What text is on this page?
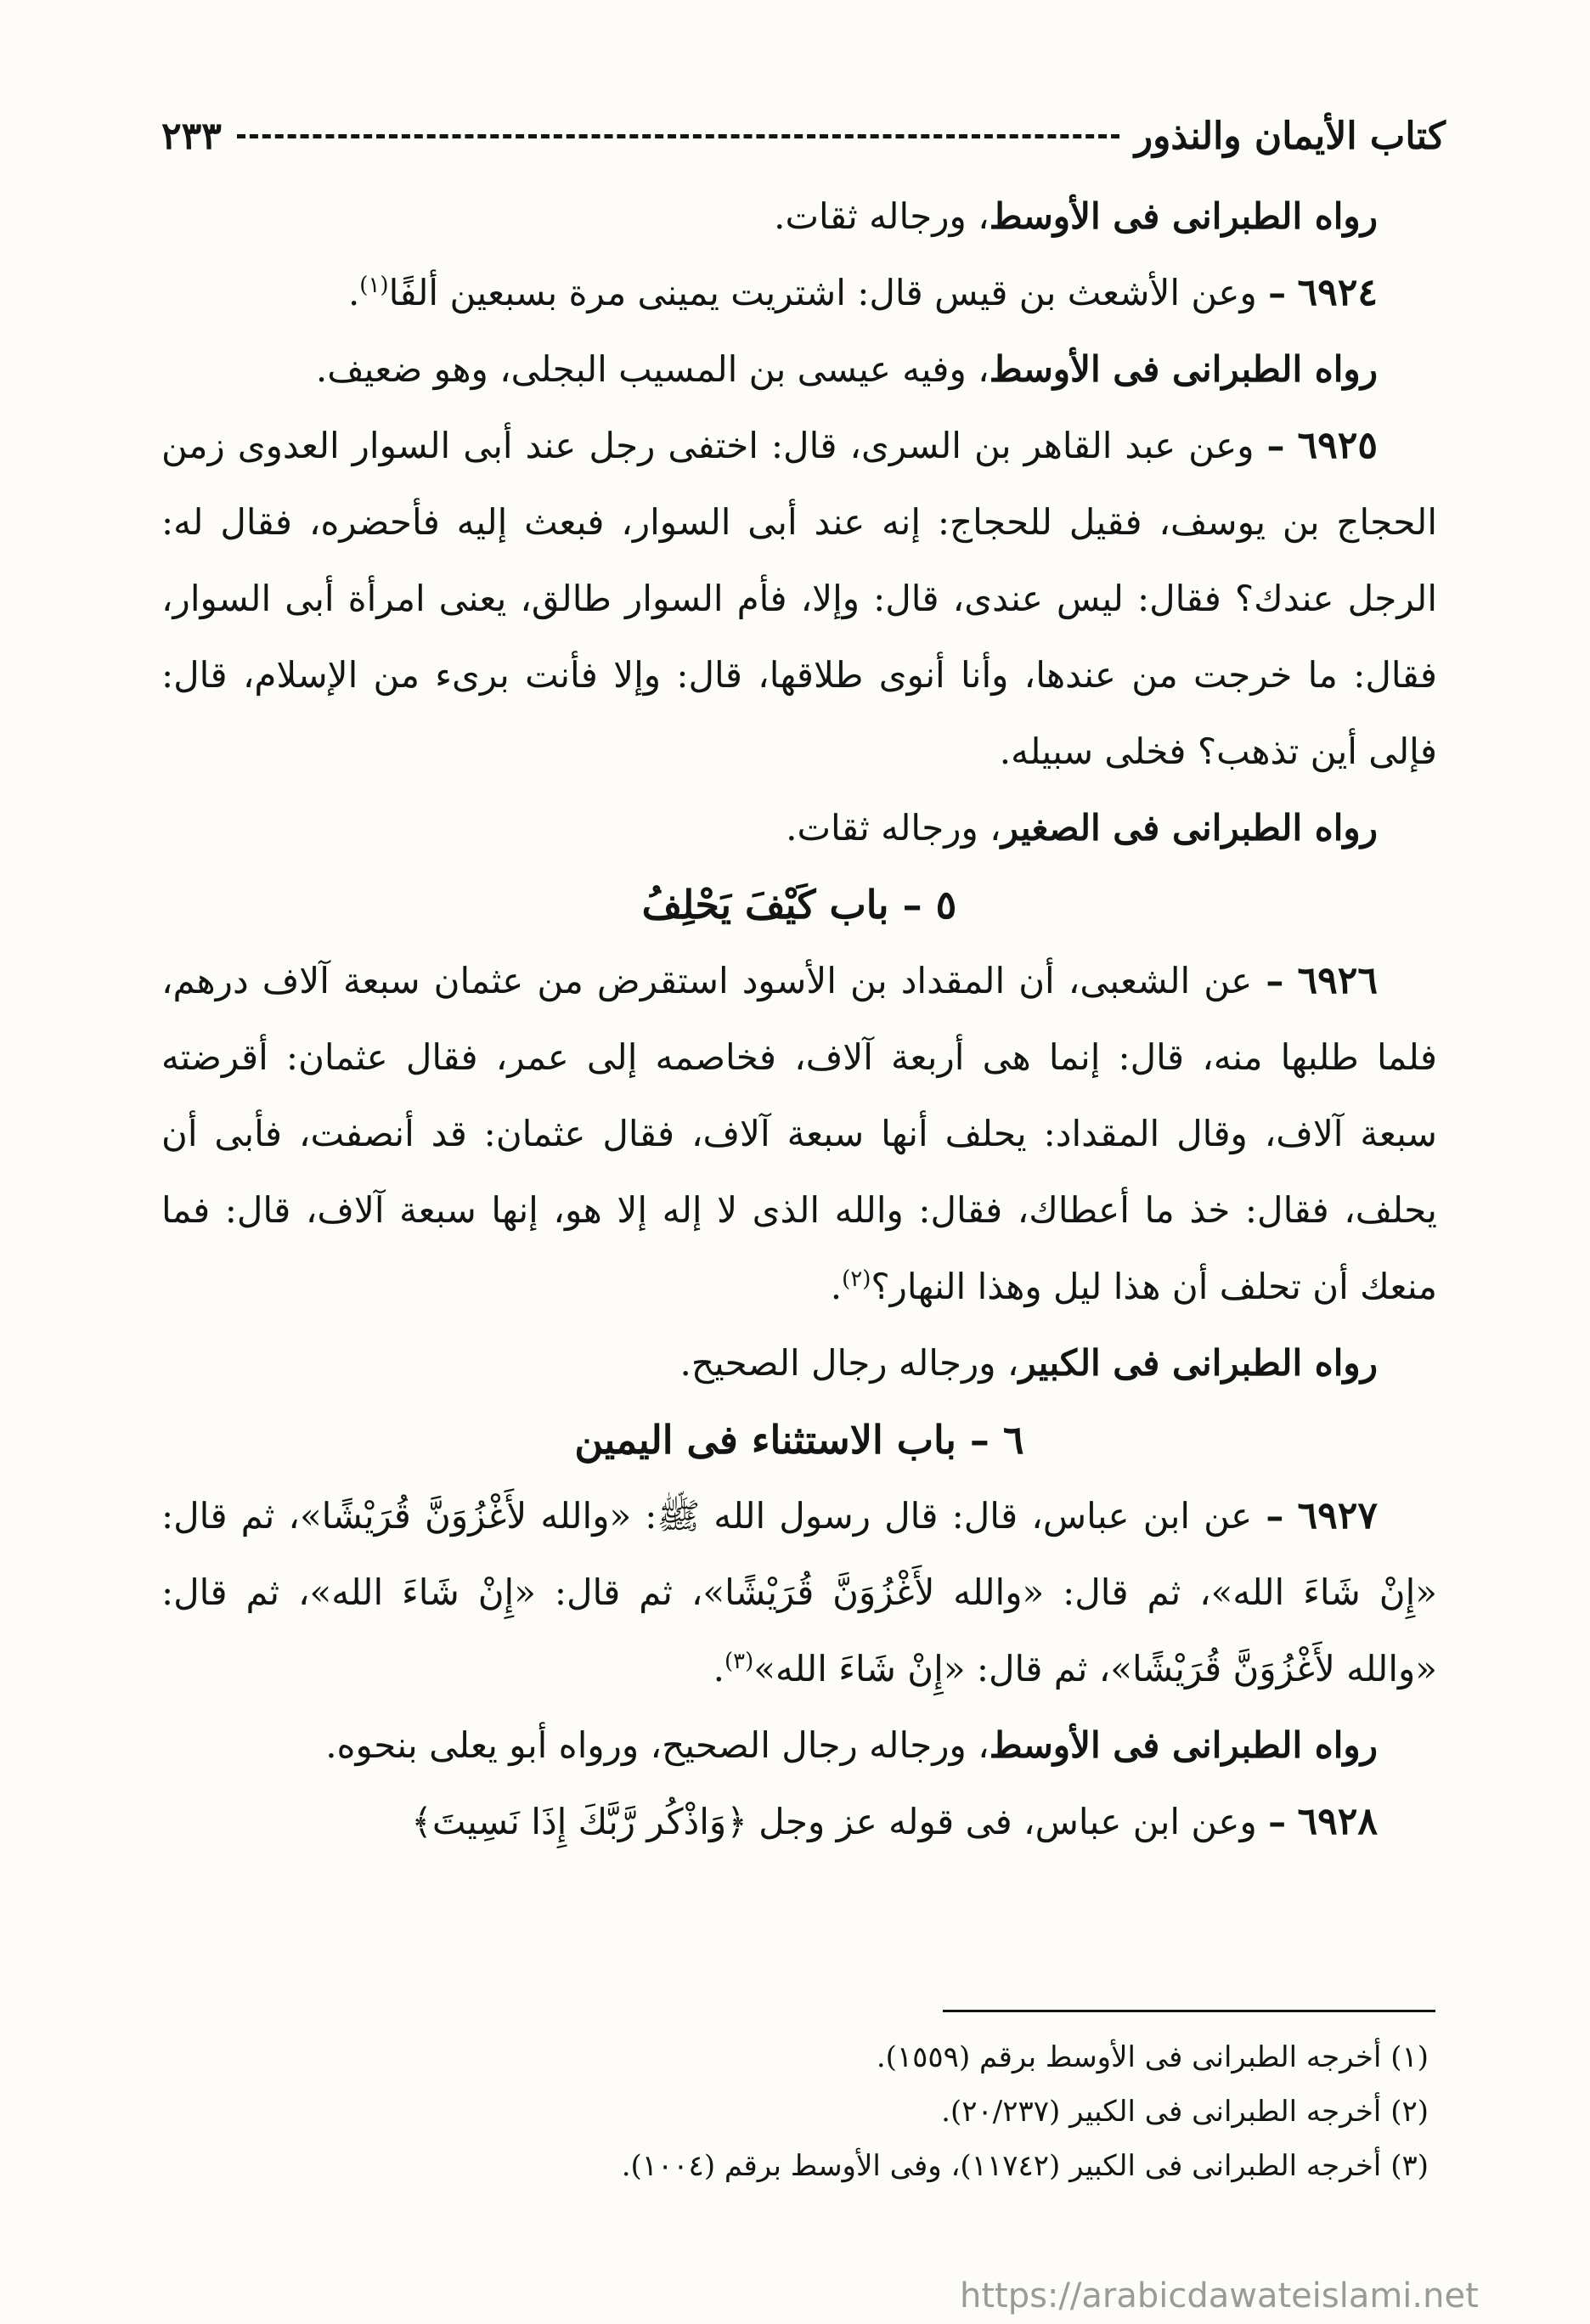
كتاب الأيمان والنذور
٢٣٣

رواه الطبرانى فى الأوسط، ورجاله ثقات.

٦٩٢٤ – وعن الأشعث بن قيس قال: اشتريت يمينى مرة بسبعين ألفًا$^{(١)}$.

رواه الطبرانى فى الأوسط، وفيه عيسى بن المسيب البجلى، وهو ضعيف.

٦٩٢٥ – وعن عبد القاهر بن السرى، قال: اختفى رجل عند أبى السوار العدوى زمن الحجاج بن يوسف، فقيل للحجاج: إنه عند أبى السوار، فبعث إليه فأحضره، فقال له: الرجل عندك؟ فقال: ليس عندى، قال: وإلا، فأم السوار طالق، يعنى امرأة أبى السوار، فقال: ما خرجت من عندها، وأنا أنوى طلاقها، قال: وإلا فأنت برىء من الإسلام، قال: فإلى أين تذهب؟ فخلى سبيله.

رواه الطبرانى فى الصغير، ورجاله ثقات.

٥ – باب كَيْفَ يَحْلِفُ

٦٩٢٦ – عن الشعبى، أن المقداد بن الأسود استقرض من عثمان سبعة آلاف درهم، فلما طلبها منه، قال: إنما هى أربعة آلاف، فخاصمه إلى عمر، فقال عثمان: أقرضته سبعة آلاف، وقال المقداد: يحلف أنها سبعة آلاف، فقال عثمان: قد أنصفت، فأبى أن يحلف، فقال: خذ ما أعطاك، فقال: والله الذى لا إله إلا هو، إنها سبعة آلاف، قال: فما منعك أن تحلف أن هذا ليل وهذا النهار؟$^{(٢)}$.

رواه الطبرانى فى الكبير، ورجاله رجال الصحيح.

٦ – باب الاستثناء فى اليمين

٦٩٢٧ – عن ابن عباس، قال: قال رسول الله ﷺ: «والله لأَغْزُوَنَّ قُرَيْشًا»، ثم قال: «إِنْ شَاءَ الله»، ثم قال: «والله لأَغْزُوَنَّ قُرَيْشًا»، ثم قال: «إِنْ شَاءَ الله»، ثم قال: «والله لأَغْزُوَنَّ قُرَيْشًا»، ثم قال: «إِنْ شَاءَ الله»$^{(٣)}$.

رواه الطبرانى فى الأوسط، ورجاله رجال الصحيح، ورواه أبو يعلى بنحوه.

٦٩٢٨ – وعن ابن عباس، فى قوله عز وجل ﴿وَاذْكُر رَّبَّكَ إِذَا نَسِيتَ﴾

(١) أخرجه الطبرانى فى الأوسط برقم (١٥٥٩).
(٢) أخرجه الطبرانى فى الكبير (٢٠/٢٣٧).
(٣) أخرجه الطبرانى فى الكبير (١١٧٤٢)، وفى الأوسط برقم (١٠٠٤).
https://arabicdawateislami.net
